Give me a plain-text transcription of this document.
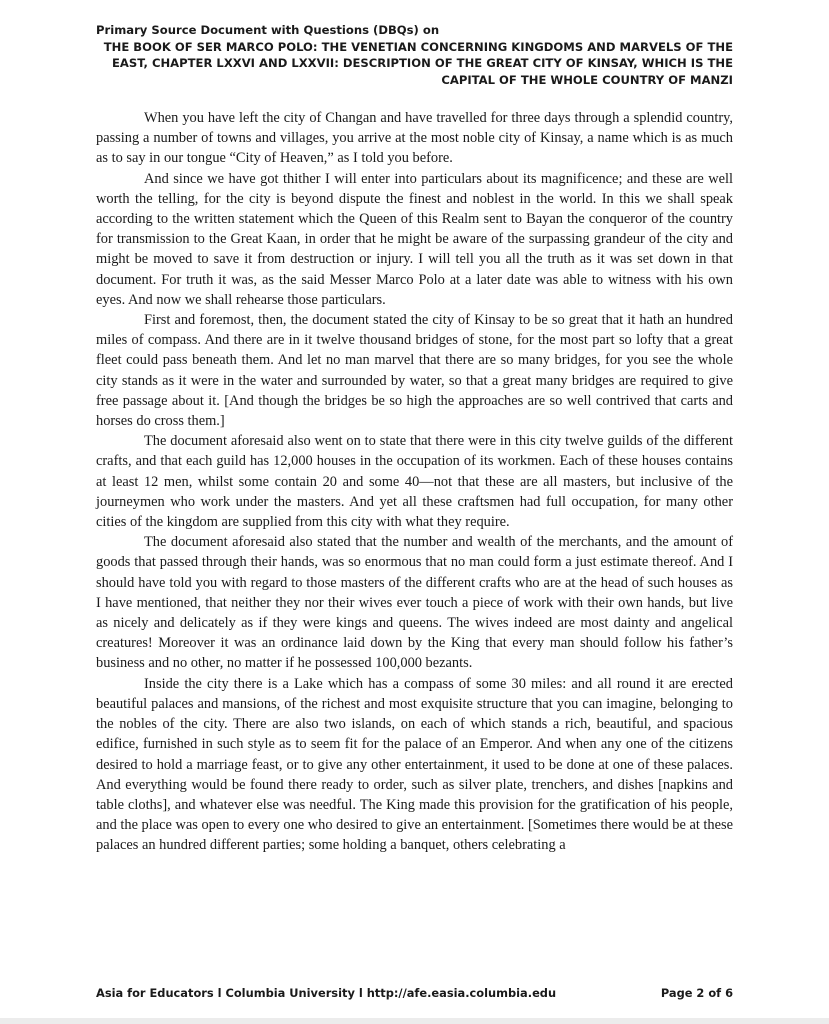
Primary Source Document with Questions (DBQs) on
THE BOOK OF SER MARCO POLO: THE VENETIAN CONCERNING KINGDOMS AND MARVELS OF THE
EAST, CHAPTER LXXVI AND LXXVII: DESCRIPTION OF THE GREAT CITY OF KINSAY, WHICH IS THE
CAPITAL OF THE WHOLE COUNTRY OF MANZI

When you have left the city of Changan and have travelled for three days through a splendid country, passing a number of towns and villages, you arrive at the most noble city of Kinsay, a name which is as much as to say in our tongue “City of Heaven,” as I told you before.

And since we have got thither I will enter into particulars about its magnificence; and these are well worth the telling, for the city is beyond dispute the finest and noblest in the world. In this we shall speak according to the written statement which the Queen of this Realm sent to Bayan the conqueror of the country for transmission to the Great Kaan, in order that he might be aware of the surpassing grandeur of the city and might be moved to save it from destruction or injury. I will tell you all the truth as it was set down in that document. For truth it was, as the said Messer Marco Polo at a later date was able to witness with his own eyes. And now we shall rehearse those particulars.

First and foremost, then, the document stated the city of Kinsay to be so great that it hath an hundred miles of compass. And there are in it twelve thousand bridges of stone, for the most part so lofty that a great fleet could pass beneath them. And let no man marvel that there are so many bridges, for you see the whole city stands as it were in the water and surrounded by water, so that a great many bridges are required to give free passage about it. [And though the bridges be so high the approaches are so well contrived that carts and horses do cross them.]

The document aforesaid also went on to state that there were in this city twelve guilds of the different crafts, and that each guild has 12,000 houses in the occupation of its workmen. Each of these houses contains at least 12 men, whilst some contain 20 and some 40—not that these are all masters, but inclusive of the journeymen who work under the masters. And yet all these craftsmen had full occupation, for many other cities of the kingdom are supplied from this city with what they require.

The document aforesaid also stated that the number and wealth of the merchants, and the amount of goods that passed through their hands, was so enormous that no man could form a just estimate thereof. And I should have told you with regard to those masters of the different crafts who are at the head of such houses as I have mentioned, that neither they nor their wives ever touch a piece of work with their own hands, but live as nicely and delicately as if they were kings and queens. The wives indeed are most dainty and angelical creatures! Moreover it was an ordinance laid down by the King that every man should follow his father’s business and no other, no matter if he possessed 100,000 bezants.

Inside the city there is a Lake which has a compass of some 30 miles: and all round it are erected beautiful palaces and mansions, of the richest and most exquisite structure that you can imagine, belonging to the nobles of the city. There are also two islands, on each of which stands a rich, beautiful, and spacious edifice, furnished in such style as to seem fit for the palace of an Emperor. And when any one of the citizens desired to hold a marriage feast, or to give any other entertainment, it used to be done at one of these palaces. And everything would be found there ready to order, such as silver plate, trenchers, and dishes [napkins and table cloths], and whatever else was needful. The King made this provision for the gratification of his people, and the place was open to every one who desired to give an entertainment. [Sometimes there would be at these palaces an hundred different parties; some holding a banquet, others celebrating a

Asia for Educators l Columbia University l http://afe.easia.columbia.edu	Page 2 of 6
